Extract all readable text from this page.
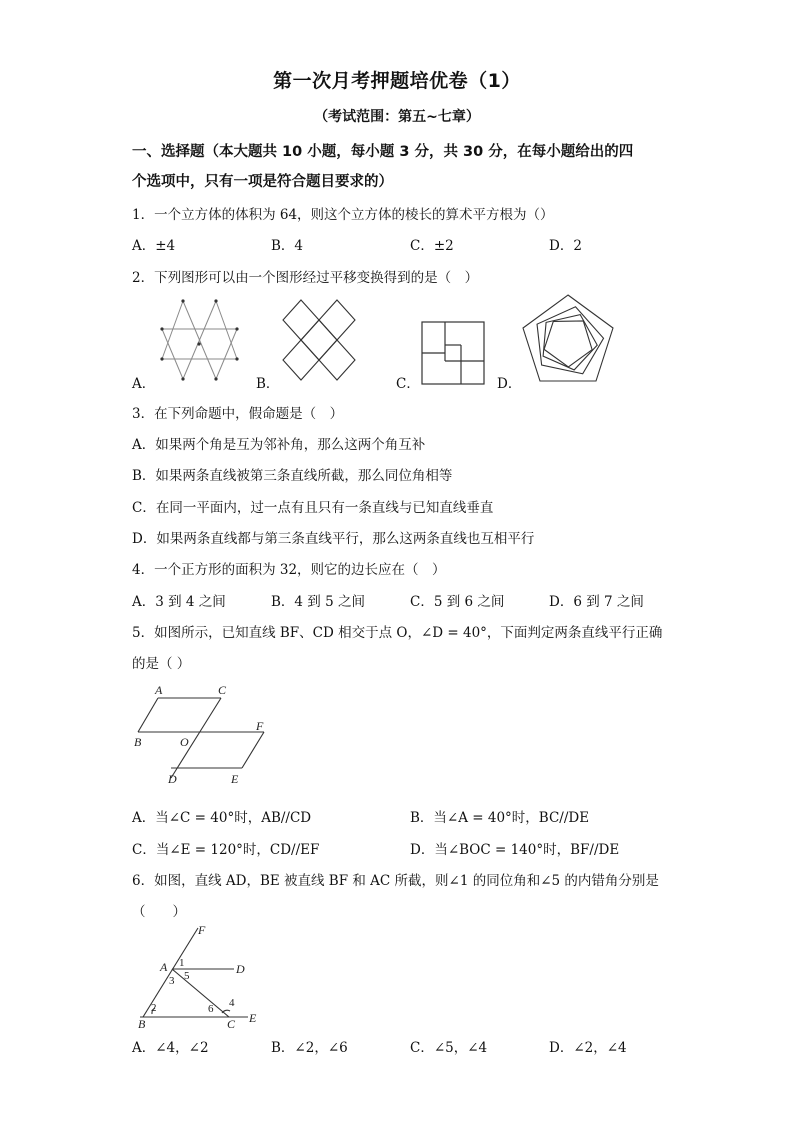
第一次月考押题培优卷（1）
（考试范围：第五~七章）
一、选择题（本大题共 10 小题，每小题 3 分，共 30 分，在每小题给出的四
个选项中，只有一项是符合题目要求的）
1．一个立方体的体积为 64，则这个立方体的棱长的算术平方根为（）
A．±4	B．4	C．±2	D．2
2．下列图形可以由一个图形经过平移变换得到的是（　）
A．	B．	C．	D．
3．在下列命题中，假命题是（　）
A．如果两个角是互为邻补角，那么这两个角互补
B．如果两条直线被第三条直线所截，那么同位角相等
C．在同一平面内，过一点有且只有一条直线与已知直线垂直
D．如果两条直线都与第三条直线平行，那么这两条直线也互相平行
4．一个正方形的面积为 32，则它的边长应在（　）
A．3 到 4 之间	B．4 到 5 之间	C．5 到 6 之间	D．6 到 7 之间
5．如图所示，已知直线 BF、CD 相交于点 O，∠D = 40°，下面判定两条直线平行正确
的是（ ）
A	C
F
B	O
D	E
A．当∠C = 40°时，AB//CD	B．当∠A = 40°时，BC//DE
C．当∠E = 120°时，CD//EF	D．当∠BOC = 140°时，BF//DE
6．如图，直线 AD，BE 被直线 BF 和 AC 所截，则∠1 的同位角和∠5 的内错角分别是
（　　）
F
A	D
B	C E
1
5
3
2	6 4
A．∠4，∠2	B．∠2，∠6	C．∠5，∠4	D．∠2，∠4
